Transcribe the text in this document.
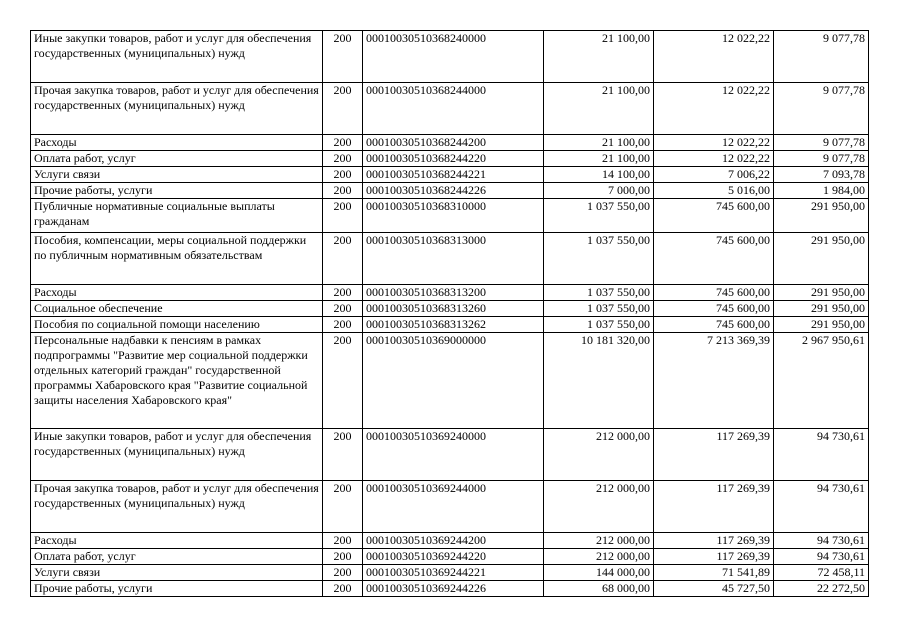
Иные закупки товаров, работ и услуг для обеспечения государственных (муниципальных) нужд	200	00010030510368240000	21 100,00	12 022,22	9 077,78
Прочая закупка товаров, работ и услуг для обеспечения государственных (муниципальных) нужд	200	00010030510368244000	21 100,00	12 022,22	9 077,78
Расходы	200	00010030510368244200	21 100,00	12 022,22	9 077,78
Оплата работ, услуг	200	00010030510368244220	21 100,00	12 022,22	9 077,78
Услуги связи	200	00010030510368244221	14 100,00	7 006,22	7 093,78
Прочие работы, услуги	200	00010030510368244226	7 000,00	5 016,00	1 984,00
Публичные нормативные социальные выплаты гражданам	200	00010030510368310000	1 037 550,00	745 600,00	291 950,00
Пособия, компенсации, меры социальной поддержки по публичным нормативным обязательствам	200	00010030510368313000	1 037 550,00	745 600,00	291 950,00
Расходы	200	00010030510368313200	1 037 550,00	745 600,00	291 950,00
Социальное обеспечение	200	00010030510368313260	1 037 550,00	745 600,00	291 950,00
Пособия по социальной помощи населению	200	00010030510368313262	1 037 550,00	745 600,00	291 950,00
Персональные надбавки к пенсиям в рамках подпрограммы "Развитие мер социальной поддержки отдельных категорий граждан" государственной программы Хабаровского края "Развитие социальной защиты населения Хабаровского края"	200	00010030510369000000	10 181 320,00	7 213 369,39	2 967 950,61
Иные закупки товаров, работ и услуг для обеспечения государственных (муниципальных) нужд	200	00010030510369240000	212 000,00	117 269,39	94 730,61
Прочая закупка товаров, работ и услуг для обеспечения государственных (муниципальных) нужд	200	00010030510369244000	212 000,00	117 269,39	94 730,61
Расходы	200	00010030510369244200	212 000,00	117 269,39	94 730,61
Оплата работ, услуг	200	00010030510369244220	212 000,00	117 269,39	94 730,61
Услуги связи	200	00010030510369244221	144 000,00	71 541,89	72 458,11
Прочие работы, услуги	200	00010030510369244226	68 000,00	45 727,50	22 272,50
